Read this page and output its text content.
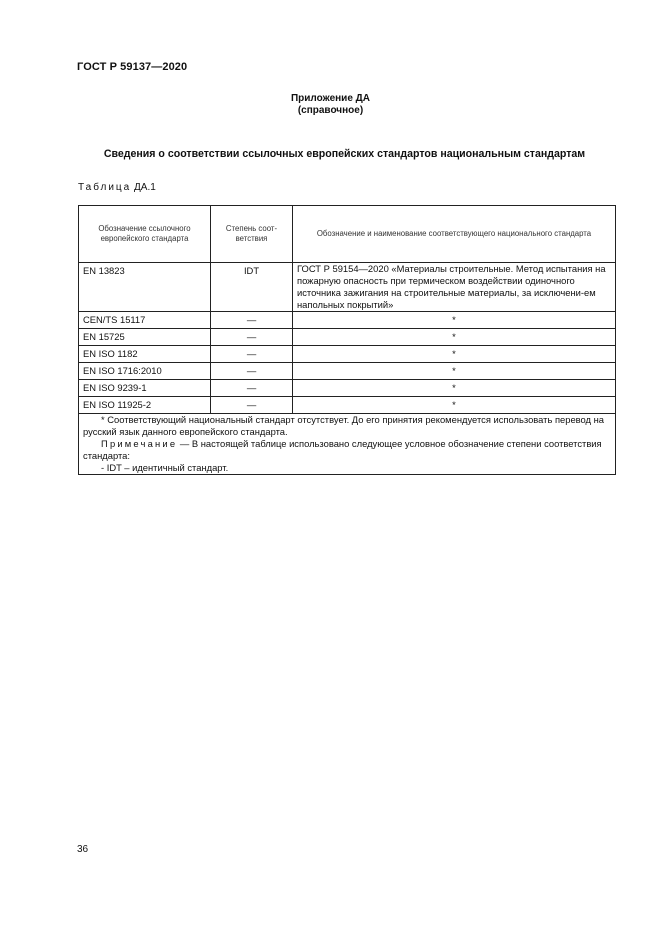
ГОСТ Р 59137—2020
Приложение ДА
(справочное)
Сведения о соответствии ссылочных европейских стандартов национальным стандартам
Таблица ДА.1
Обозначение ссылочного европейского стандарта	Степень соот-ветствия	Обозначение и наименование соответствующего национального стандарта
EN 13823	IDT	ГОСТ Р 59154—2020 «Материалы строительные. Метод испытания на пожарную опасность при термическом воздействии одиночного источника зажигания на строительные материалы, за исключени-ем напольных покрытий»
CEN/TS 15117	—	*
EN 15725	—	*
EN ISO 1182	—	*
EN ISO 1716:2010	—	*
EN ISO 9239-1	—	*
EN ISO 11925-2	—	*

* Соответствующий национальный стандарт отсутствует. До его принятия рекомендуется использовать перевод на русский язык данного европейского стандарта.

Примечание — В настоящей таблице использовано следующее условное обозначение степени соответствия стандарта:

- IDT – идентичный стандарт.		

36
